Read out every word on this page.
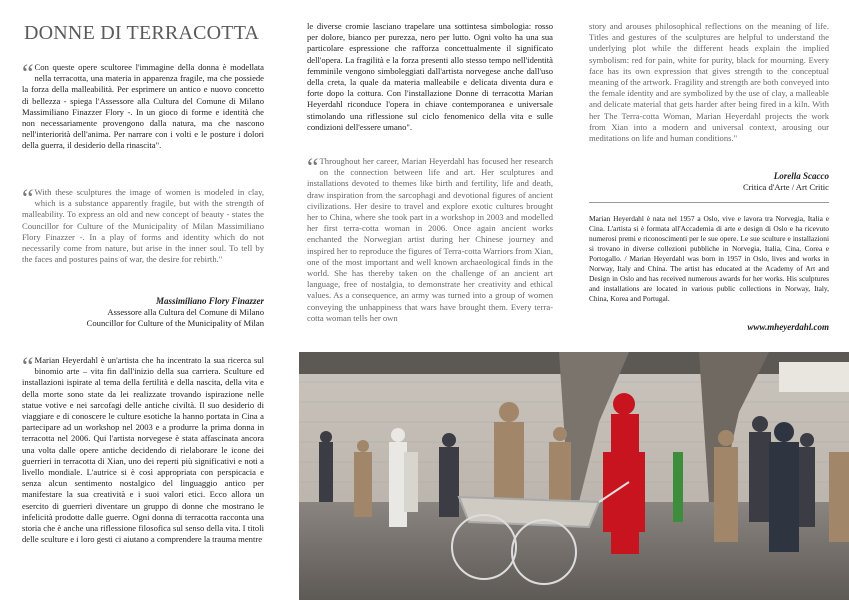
DONNE DI TERRACOTTA

“ Con queste opere scultoree l'immagine della donna è modellata nella terracotta, una materia in apparenza fragile, ma che possiede la forza della malleabilità. Per esprimere un antico e nuovo concetto di bellezza - spiega l'Assessore alla Cultura del Comune di Milano Massimiliano Finazzer Flory -. In un gioco di forme e identità che non necessariamente provengono dalla natura, ma che nascono nell'interiorità dell'anima. Per narrare con i volti e le posture i dolori della guerra, il desiderio della rinascita".

“ With these sculptures the image of women is modeled in clay, which is a substance apparently fragile, but with the strength of malleability. To express an old and new concept of beauty - states the Councillor for Culture of the Municipality of Milan Massimiliano Flory Finazzer -. In a play of forms and identity which do not necessarily come from nature, but arise in the inner soul. To tell by the faces and postures pains of war, the desire for rebirth."

Massimiliano Flory Finazzer
Assessore alla Cultura del Comune di Milano
Councillor for Culture of the Municipality of Milan

“ Marian Heyerdahl è un'artista che ha incentrato la sua ricerca sul binomio arte – vita fin dall'inizio della sua carriera. Sculture ed installazioni ispirate al tema della fertilità e della nascita, della vita e della morte sono state da lei realizzate trovando ispirazione nelle statue votive e nei sarcofagi delle antiche civiltà. Il suo desiderio di viaggiare e di conoscere le culture esotiche la hanno portata in Cina a partecipare ad un workshop nel 2003 e a produrre la prima donna in terracotta nel 2006. Qui l'artista norvegese è stata affascinata ancora una volta dalle opere antiche decidendo di rielaborare le icone dei guerrieri in terracotta di Xian, uno dei reperti più significativi e noti a livello mondiale. L'autrice si è così appropriata con perspicacia e senza alcun sentimento nostalgico del linguaggio antico per manifestare la sua creatività e i suoi valori etici. Ecco allora un esercito di guerrieri diventare un gruppo di donne che mostrano le infelicità prodotte dalle guerre. Ogni donna di terracotta racconta una storia che è anche una riflessione filosofica sul senso della vita. I titoli delle sculture e i loro gesti ci aiutano a comprendere la trauma mentre

le diverse cromie lasciano trapelare una sottintesa simbologia: rosso per dolore, bianco per purezza, nero per lutto. Ogni volto ha una sua particolare espressione che rafforza concettualmente il significato dell'opera. La fragilità e la forza presenti allo stesso tempo nell'identità femminile vengono simboleggiati dall'artista norvegese anche dall'uso della creta, la quale da materia malleabile e delicata diventa dura e forte dopo la cottura. Con l'installazione Donne di terracotta Marian Heyerdahl riconduce l'opera in chiave contemporanea e universale stimolando una riflessione sul ciclo fenomenico della vita e sulle condizioni dell'essere umano".

“ Throughout her career, Marian Heyerdahl has focused her research on the connection between life and art. Her sculptures and installations devoted to themes like birth and fertility, life and death, draw inspiration from the sarcophagi and devotional figures of ancient civilizations. Her desire to travel and explore exotic cultures brought her to China, where she took part in a workshop in 2003 and modelled her first terra-cotta woman in 2006. Once again ancient works enchanted the Norwegian artist during her Chinese journey and inspired her to reproduce the figures of Terra-cotta Warriors from Xian, one of the most important and well known archaeological finds in the world. She has thereby taken on the challenge of an ancient art language, free of nostalgia, to demonstrate her creativity and ethical values. As a consequence, an army was turned into a group of women conveying the unhappiness that wars have brought them. Every terra-cotta woman tells her own

story and arouses philosophical reflections on the meaning of life. Titles and gestures of the sculptures are helpful to understand the underlying plot while the different heads explain the implied symbolism: red for pain, white for purity, black for mourning. Every face has its own expression that gives strength to the conceptual meaning of the artwork. Fragility and strength are both conveyed into the female identity and are symbolized by the use of clay, a malleable and delicate material that gets harder after being fired in a kiln. With her The Terra-cotta Woman, Marian Heyerdahl projects the work from Xian into a modern and universal context, arousing our meditations on life and human conditions."

Lorella Scacco
Critica d'Arte / Art Critic

Marian Heyerdahl è nata nel 1957 a Oslo, vive e lavora tra Norvegia, Italia e Cina. L'artista si è formata all'Accademia di arte e design di Oslo e ha ricevuto numerosi premi e riconoscimenti per le sue opere. Le sue sculture e installazioni si trovano in diverse collezioni pubbliche in Norvegia, Italia, Cina, Corea e Portogallo. / Marian Heyerdahl was born in 1957 in Oslo, lives and works in Norway, Italy and China. The artist has educated at the Academy of Art and Design in Oslo and has received numerous awards for her works. His sculptures and installations are located in various public collections in Norway, Italy, China, Korea and Portugal.

www.mheyerdahl.com
